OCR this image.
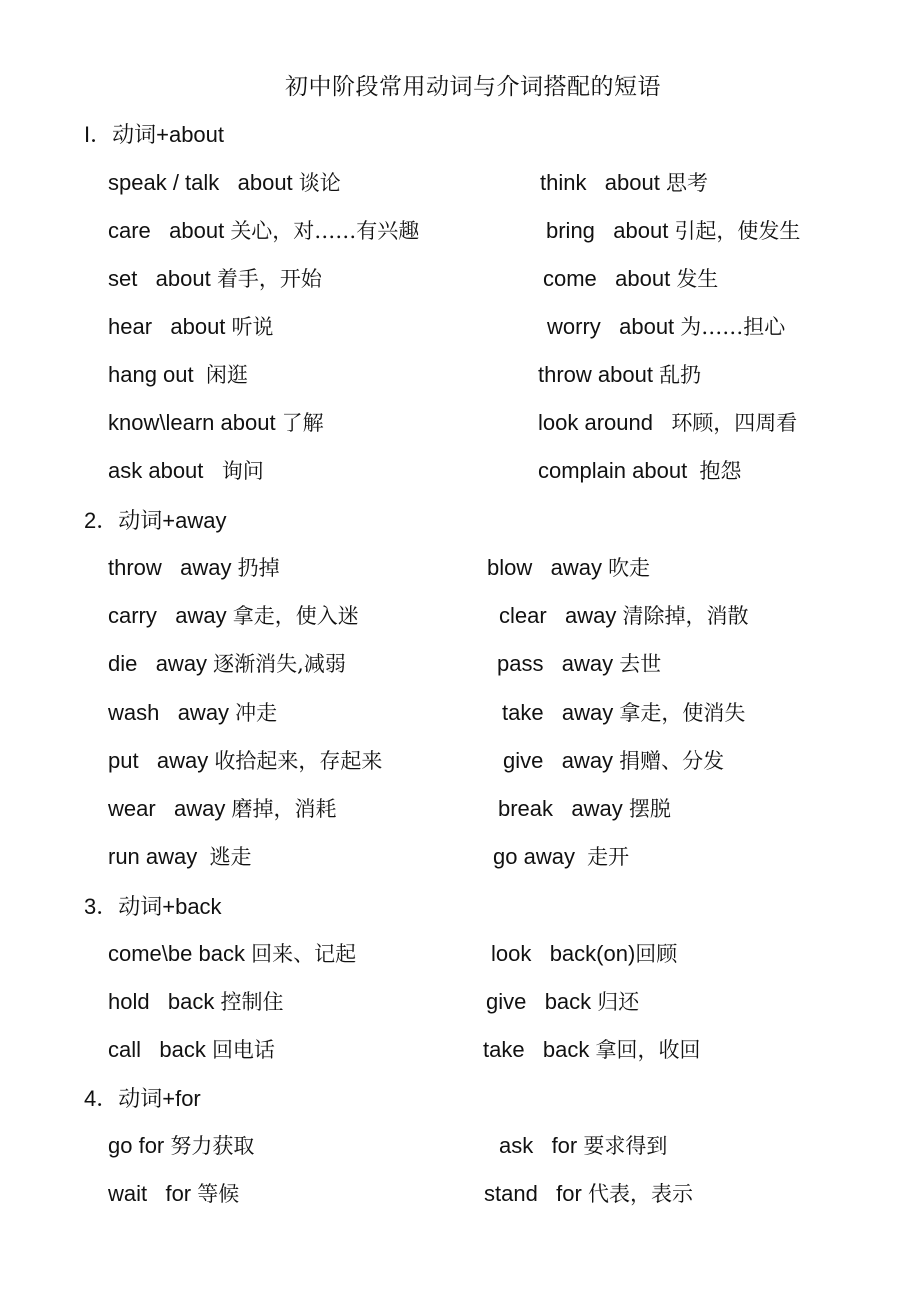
初中阶段常用动词与介词搭配的短语
I．动词+about
speak / talk   about 谈论	think   about 思考
care   about 关心，对……有兴趣	bring   about 引起，使发生
set   about 着手，开始	come   about 发生
hear   about 听说	worry   about 为……担心
hang out  闲逛	throw about 乱扔
know\learn about 了解	look around   环顾，四周看
ask about   询问	complain about  抱怨
2．动词+away
throw   away 扔掉	blow   away 吹走
carry   away 拿走，使入迷	clear   away 清除掉，消散
die   away 逐渐消失,减弱	pass   away 去世
wash   away 冲走	take   away 拿走，使消失
put   away 收拾起来，存起来	give   away 捐赠、分发
wear   away 磨掉，消耗	break   away 摆脱
run away  逃走	go away  走开
3．动词+back
come\be back 回来、记起	look   back(on)回顾
hold   back 控制住	give   back 归还
call   back 回电话	take   back 拿回，收回
4．动词+for
go for 努力获取	ask   for 要求得到
wait   for 等候	stand   for 代表，表示
